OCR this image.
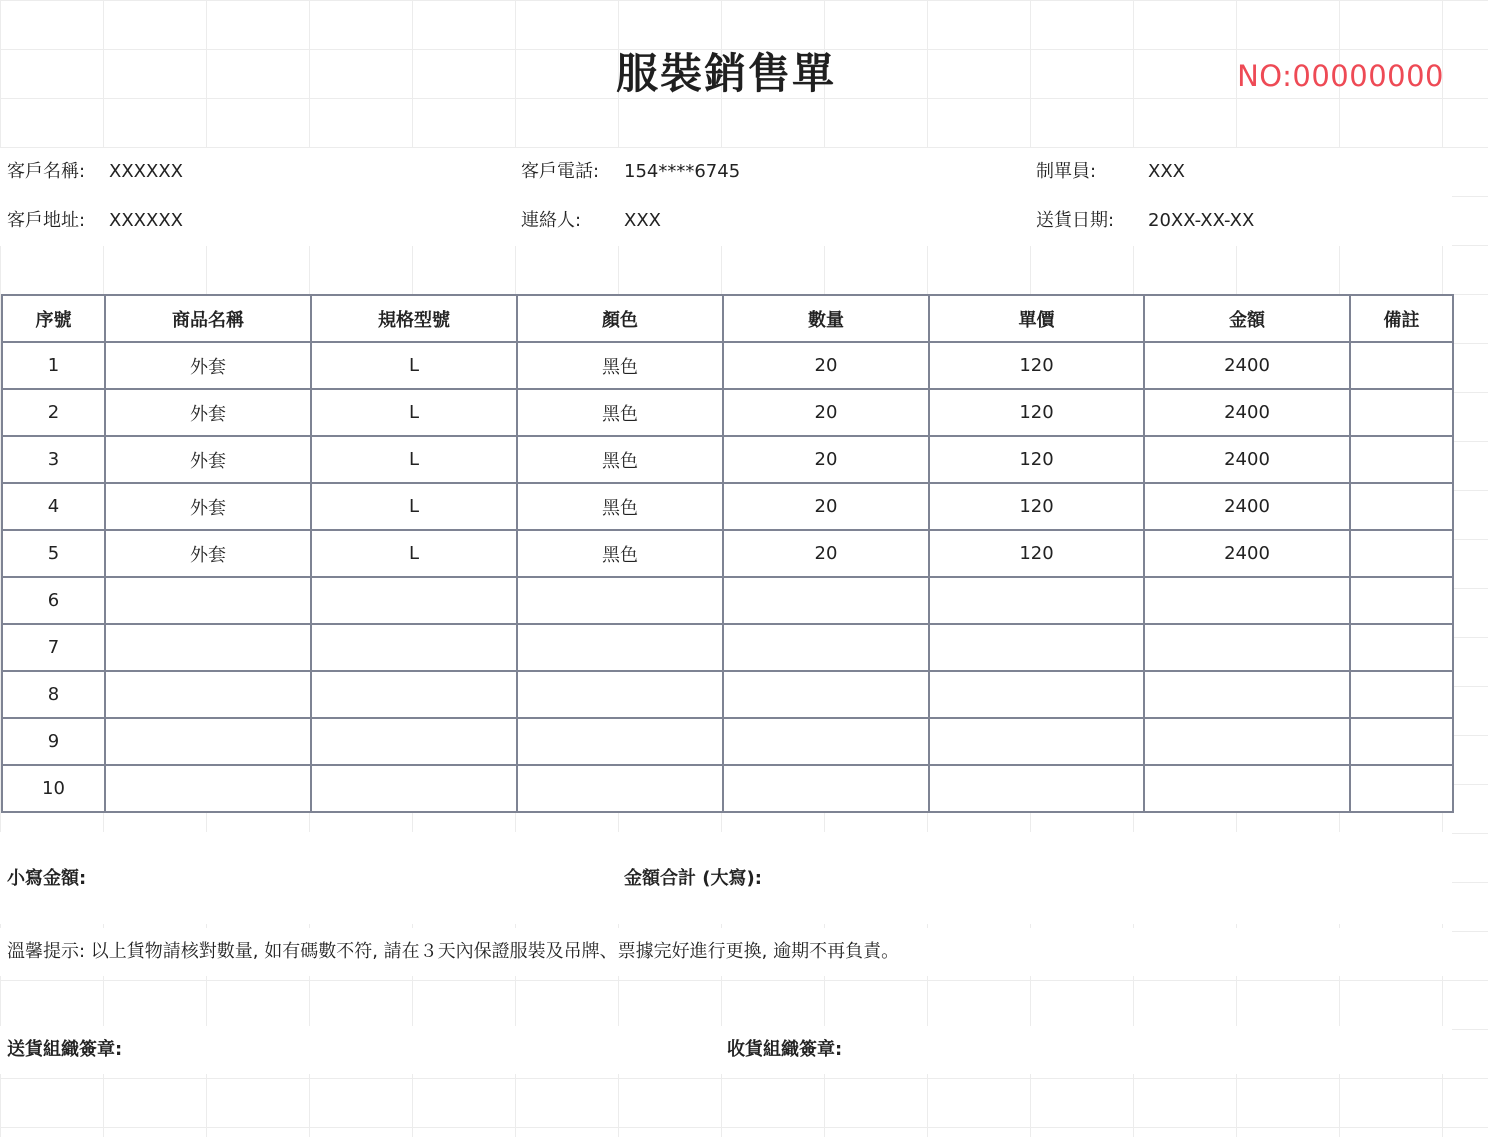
服裝銷售單	NO:00000000
客戶名稱: XXXXXX	客戶電話: 154****6745	制單員:	XXX
客戶地址: XXXXXX	連絡人: XXX	送貨日期: 20XX-XX-XX
序號	商品名稱	規格型號	顏色	數量	單價	金額	備註
1	外套	L	黑色	20	120	2400	
2	外套	L	黑色	20	120	2400	
3	外套	L	黑色	20	120	2400	
4	外套	L	黑色	20	120	2400	
5	外套	L	黑色	20	120	2400	
6							
7							
8							
9							
10							
小寫金額:	金額合計 (大寫):
溫馨提示: 以上貨物請核對數量, 如有碼數不符, 請在３天內保證服裝及吊牌、票據完好進行更換, 逾期不再負責。
送貨組織簽章:	收貨組織簽章:
